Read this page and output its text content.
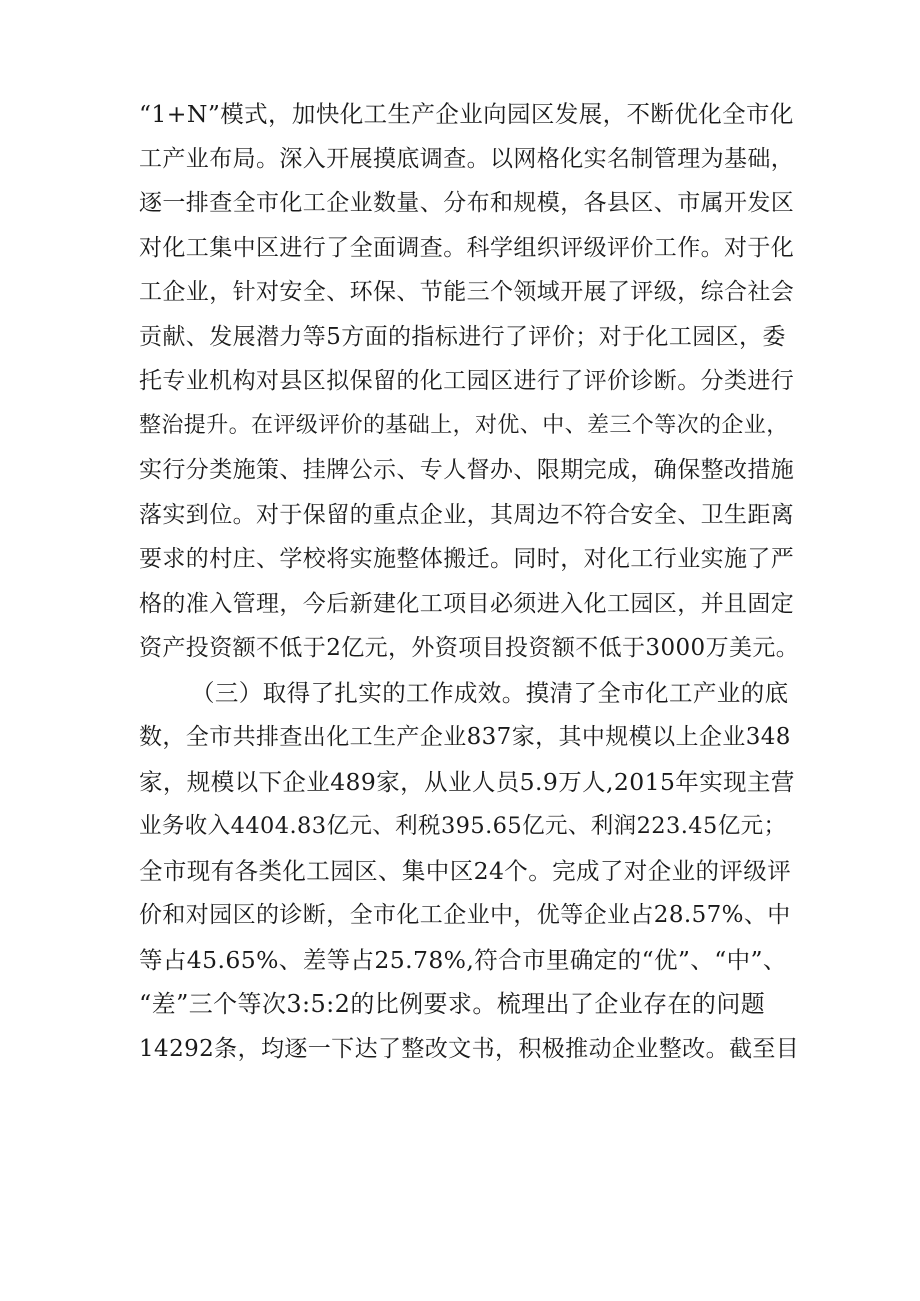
“1+N”模式，加快化工生产企业向园区发展，不断优化全市化
工产业布局。深入开展摸底调查。以网格化实名制管理为基础，
逐一排查全市化工企业数量、分布和规模，各县区、市属开发区
对化工集中区进行了全面调查。科学组织评级评价工作。对于化
工企业，针对安全、环保、节能三个领域开展了评级，综合社会
贡献、发展潜力等5方面的指标进行了评价；对于化工园区，委
托专业机构对县区拟保留的化工园区进行了评价诊断。分类进行
整治提升。在评级评价的基础上，对优、中、差三个等次的企业，
实行分类施策、挂牌公示、专人督办、限期完成，确保整改措施
落实到位。对于保留的重点企业，其周边不符合安全、卫生距离
要求的村庄、学校将实施整体搬迁。同时，对化工行业实施了严
格的准入管理，今后新建化工项目必须进入化工园区，并且固定
资产投资额不低于2亿元，外资项目投资额不低于3000万美元。
（三）取得了扎实的工作成效。摸清了全市化工产业的底
数，全市共排查出化工生产企业837家，其中规模以上企业348
家，规模以下企业489家，从业人员5.9万人,2015年实现主营
业务收入4404.83亿元、利税395.65亿元、利润223.45亿元；
全市现有各类化工园区、集中区24个。完成了对企业的评级评
价和对园区的诊断，全市化工企业中，优等企业占28.57%、中
等占45.65%、差等占25.78%,符合市里确定的“优”、“中”、
“差”三个等次3:5:2的比例要求。梳理出了企业存在的问题
14292条，均逐一下达了整改文书，积极推动企业整改。截至目
